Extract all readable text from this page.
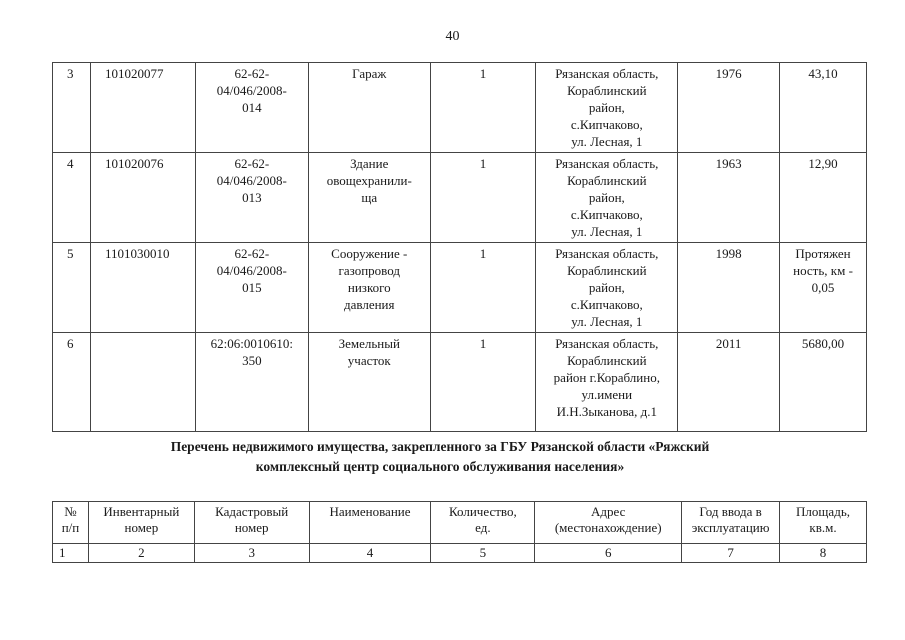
40
3	101020077	62-62-
04/046/2008-
014	Гараж	1	Рязанская область,
Кораблинский
район,
с.Кипчаково,
ул. Лесная, 1	1976	43,10
4	101020076	62-62-
04/046/2008-
013	Здание
овощехранили-
ща	1	Рязанская область,
Кораблинский
район,
с.Кипчаково,
ул. Лесная, 1	1963	12,90
5	1101030010	62-62-
04/046/2008-
015	Сооружение -
газопровод
низкого
давления	1	Рязанская область,
Кораблинский
район,
с.Кипчаково,
ул. Лесная, 1	1998	Протяжен
ность, км -
0,05
6		62:06:0010610:
350	Земельный
участок	1	Рязанская область,
Кораблинский
район г.Кораблино,
ул.имени
И.Н.Зыканова, д.1	2011	5680,00
Перечень недвижимого имущества, закрепленного за ГБУ Рязанской области «Ряжский
комплексный центр социального обслуживания населения»
№
п/п	Инвентарный
номер	Кадастровый
номер	Наименование	Количество,
ед.	Адрес
(местонахождение)	Год ввода в
эксплуатацию	Площадь,
кв.м.
1	2	3	4	5	6	7	8
